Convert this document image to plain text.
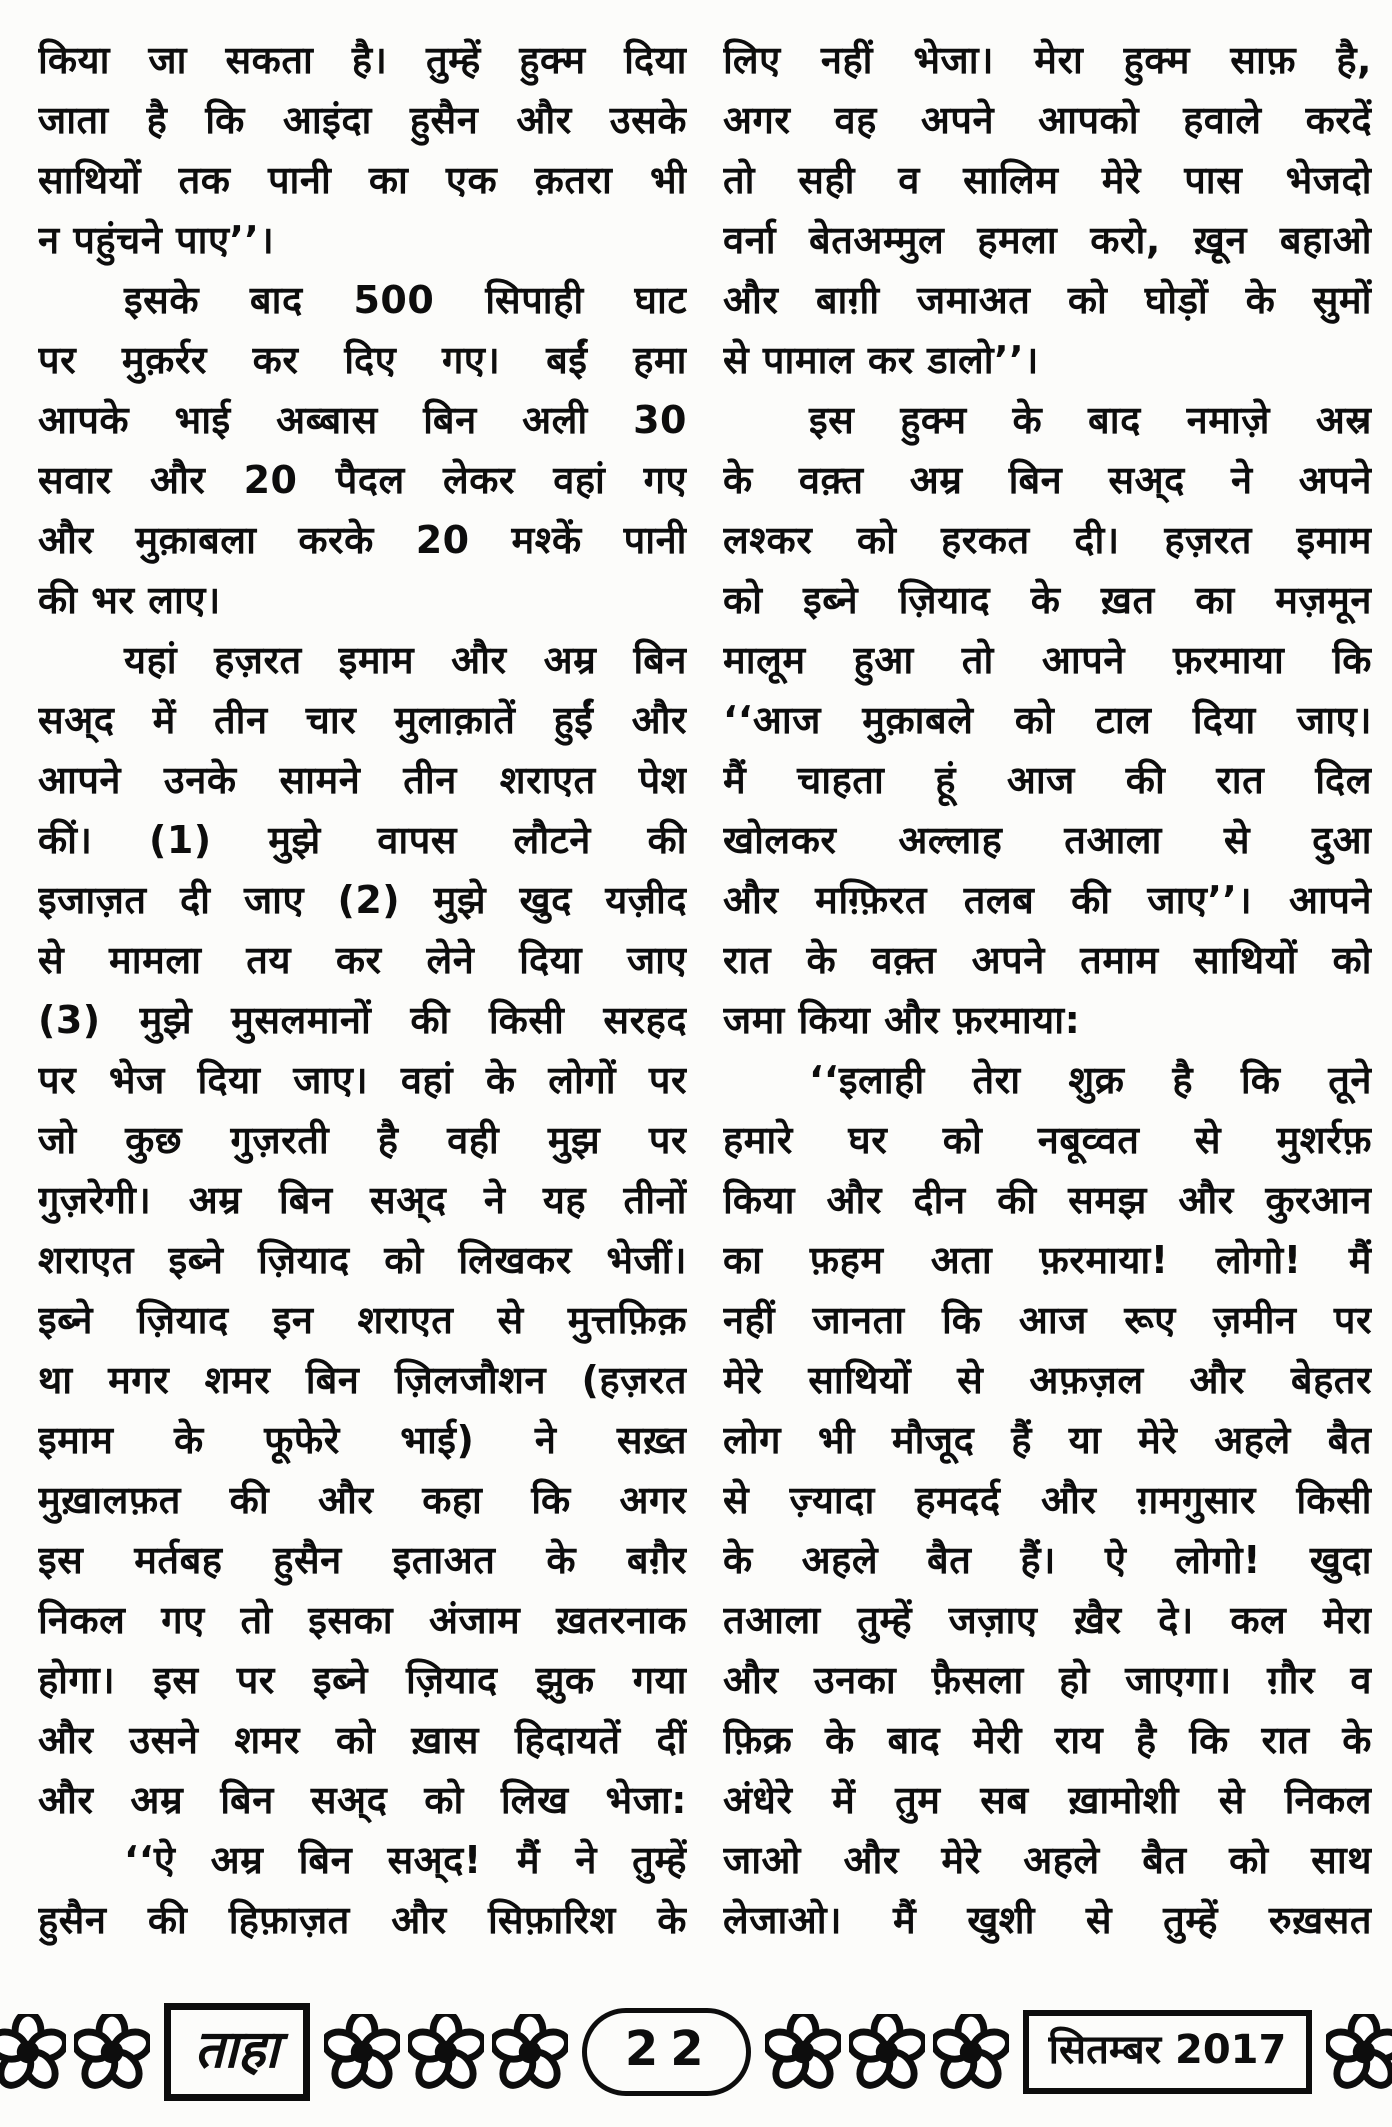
किया जा सकता है। तुम्हें हुक्म दिया
जाता है कि आइंदा हुसैन और उसके
साथियों तक पानी का एक क़तरा भी
न पहुंचने पाए’’।
इसके बाद 500 सिपाही घाट
पर मुक़र्रर कर दिए गए। बईं हमा
आपके भाई अब्बास बिन अली 30
सवार और 20 पैदल लेकर वहां गए
और मुक़ाबला करके 20 मश्कें पानी
की भर लाए।
यहां हज़रत इमाम और अम्र बिन
सअ्द में तीन चार मुलाक़ातें हुईं और
आपने उनके सामने तीन शराएत पेश
कीं। (1) मुझे वापस लौटने की
इजाज़त दी जाए (2) मुझे खुद यज़ीद
से मामला तय कर लेने दिया जाए
(3) मुझे मुसलमानों की किसी सरहद
पर भेज दिया जाए। वहां के लोगों पर
जो कुछ गुज़रती है वही मुझ पर
गुज़रेगी। अम्र बिन सअ्द ने यह तीनों
शराएत इब्ने ज़ियाद को लिखकर भेजीं।
इब्ने ज़ियाद इन शराएत से मुत्तफ़िक़
था मगर शमर बिन ज़िलजौशन (हज़रत
इमाम के फूफेरे भाई) ने सख़्त
मुख़ालफ़त की और कहा कि अगर
इस मर्तबह हुसैन इताअत के बग़ैर
निकल गए तो इसका अंजाम ख़तरनाक
होगा। इस पर इब्ने ज़ियाद झुक गया
और उसने शमर को ख़ास हिदायतें दीं
और अम्र बिन सअ्द को लिख भेजा:
‘‘ऐ अम्र बिन सअ्द! मैं ने तुम्हें
हुसैन की हिफ़ाज़त और सिफ़ारिश के
लिए नहीं भेजा। मेरा हुक्म साफ़ है,
अगर वह अपने आपको हवाले करदें
तो सही व सालिम मेरे पास भेजदो
वर्ना बेतअम्मुल हमला करो, ख़ून बहाओ
और बाग़ी जमाअत को घोड़ों के सुमों
से पामाल कर डालो’’।
इस हुक्म के बाद नमाज़े अस्र
के वक़्त अम्र बिन सअ्द ने अपने
लश्कर को हरकत दी। हज़रत इमाम
को इब्ने ज़ियाद के ख़त का मज़मून
मालूम हुआ तो आपने फ़रमाया कि
‘‘आज मुक़ाबले को टाल दिया जाए।
मैं चाहता हूं आज की रात दिल
खोलकर अल्लाह तआला से दुआ
और मग़्फ़िरत तलब की जाए’’। आपने
रात के वक़्त अपने तमाम साथियों को
जमा किया और फ़रमाया:
‘‘इलाही तेरा शुक्र है कि तूने
हमारे घर को नबूव्वत से मुशर्रफ़
किया और दीन की समझ और कुरआन
का फ़हम अता फ़रमाया! लोगो! मैं
नहीं जानता कि आज रूए ज़मीन पर
मेरे साथियों से अफ़ज़ल और बेहतर
लोग भी मौजूद हैं या मेरे अहले बैत
से ज़्यादा हमदर्द और ग़मगुसार किसी
के अहले बैत हैं। ऐ लोगो! खुदा
तआला तुम्हें जज़ाए ख़ैर दे। कल मेरा
और उनका फ़ैसला हो जाएगा। ग़ौर व
फ़िक्र के बाद मेरी राय है कि रात के
अंधेरे में तुम सब ख़ामोशी से निकल
जाओ और मेरे अहले बैत को साथ
लेजाओ। मैं खुशी से तुम्हें रुख़सत
ताहा	22	सितम्बर 2017
